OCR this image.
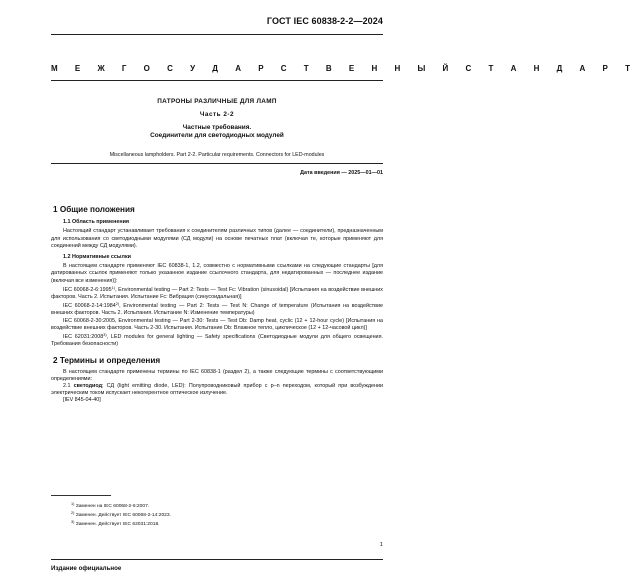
ГОСТ IEC 60838-2-2—2024
М Е Ж Г О С У Д А Р С Т В Е Н Н Ы Й С Т А Н Д А Р Т
ПАТРОНЫ РАЗЛИЧНЫЕ ДЛЯ ЛАМП
Часть 2-2
Частные требования.
Соединители для светодиодных модулей
Miscellaneous lampholders. Part 2-2. Particular requirements. Connectors for LED-modules
Дата введения — 2025—01—01
1 Общие положения
1.1 Область применения

Настоящий стандарт устанавливает требования к соединителям различных типов (далее — соединители), предназначенным для использования со светодиодными модулями (СД модули) на основе печатных плат (включая те, которые применяют для соединений между СД модулями).

1.2 Нормативные ссылки

В настоящем стандарте применяют IEC 60838-1, 1.2, совместно с нормативными ссылками на следующие стандарты [для датированных ссылок применяют только указанное издание ссылочного стандарта, для недатированных — последнее издание (включая все изменения)]:

IEC 60068-2-6:1995$^{1)}$, Environmental testing — Part 2: Tests — Test Fc: Vibration (sinusoidal) [Испытания на воздействие внешних факторов. Часть 2. Испытания. Испытание Fc: Вибрация (синусоидальная)]

IEC 60068-2-14:1984$^{2)}$, Environmental testing — Part 2: Tests — Test N: Change of temperature (Испытания на воздействие внешних факторов. Часть 2. Испытания. Испытание N: Изменение температуры)

IEC 60068-2-30:2005, Environmental testing — Part 2-30: Tests — Test Db: Damp heat, cyclic (12 + 12-hour cycle) [Испытания на воздействие внешних факторов. Часть 2-30. Испытания. Испытание Db: Влажное тепло, циклическое (12 + 12-часовой цикл)]

IEC 62031:2008$^{3)}$, LED modules for general lighting — Safety specifications (Светодиодные модули для общего освещения. Требования безопасности)

2 Термины и определения

В настоящем стандарте применены термины по IEC 60838-1 (раздел 2), а также следующие термины с соответствующими определениями:

2.1 светодиод; СД (light emitting diode, LED): Полупроводниковый прибор с p–n переходом, который при возбуждении электрическим током испускает некогерентное оптическое излучение.

[IEV 845-04-40]

$^{1)}$ Заменен на IEC 60068-2-6:2007.
$^{2)}$ Заменен. Действует IEC 60068-2-14:2023.
$^{3)}$ Заменен. Действует IEC 62031:2018.
1
Издание официальное
